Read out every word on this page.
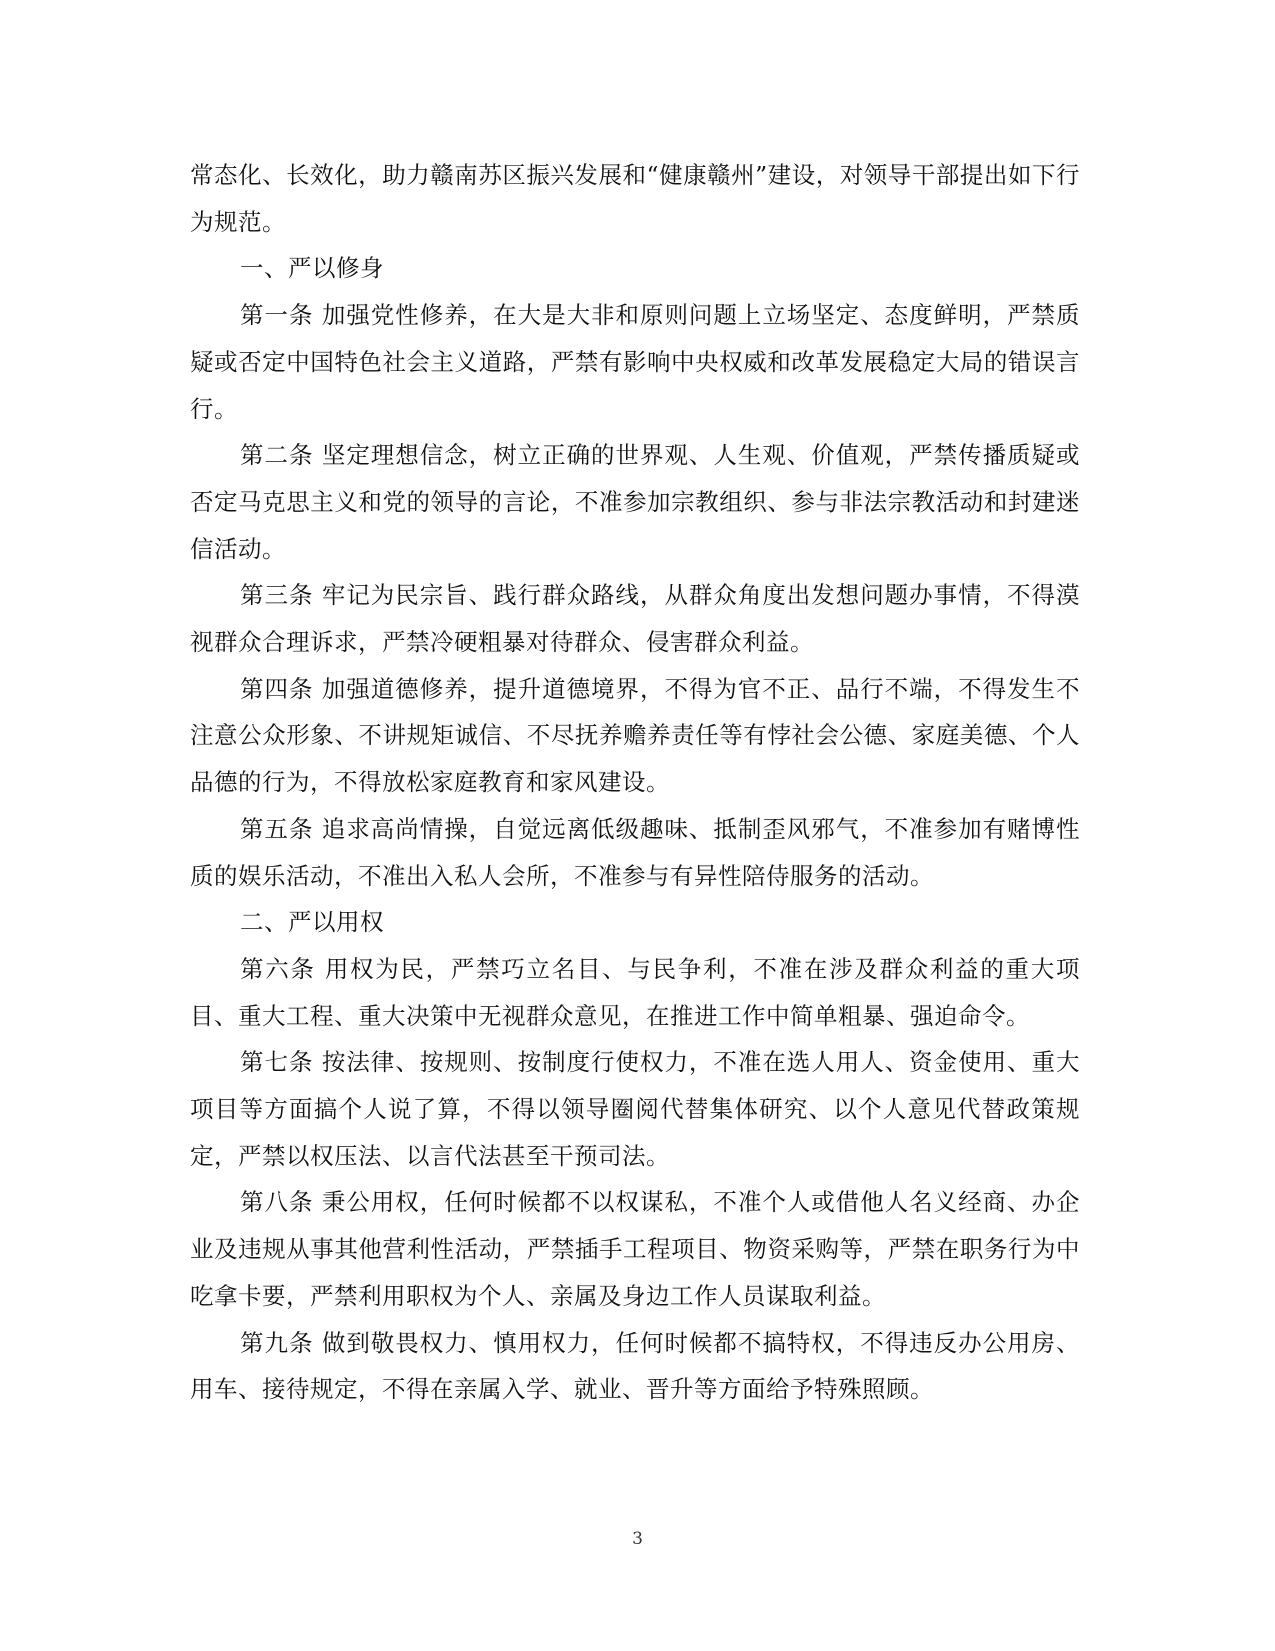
常态化、长效化，助力赣南苏区振兴发展和“健康赣州”建设，对领导干部提出如下行为规范。

一、严以修身

第一条 加强党性修养，在大是大非和原则问题上立场坚定、态度鲜明，严禁质疑或否定中国特色社会主义道路，严禁有影响中央权威和改革发展稳定大局的错误言行。

第二条 坚定理想信念，树立正确的世界观、人生观、价值观，严禁传播质疑或否定马克思主义和党的领导的言论，不准参加宗教组织、参与非法宗教活动和封建迷信活动。

第三条 牢记为民宗旨、践行群众路线，从群众角度出发想问题办事情，不得漠视群众合理诉求，严禁冷硬粗暴对待群众、侵害群众利益。

第四条 加强道德修养，提升道德境界，不得为官不正、品行不端，不得发生不注意公众形象、不讲规矩诚信、不尽抚养赡养责任等有悖社会公德、家庭美德、个人品德的行为，不得放松家庭教育和家风建设。

第五条 追求高尚情操，自觉远离低级趣味、抵制歪风邪气，不准参加有赌博性质的娱乐活动，不准出入私人会所，不准参与有异性陪侍服务的活动。

二、严以用权

第六条 用权为民，严禁巧立名目、与民争利，不准在涉及群众利益的重大项目、重大工程、重大决策中无视群众意见，在推进工作中简单粗暴、强迫命令。

第七条 按法律、按规则、按制度行使权力，不准在选人用人、资金使用、重大项目等方面搞个人说了算，不得以领导圈阅代替集体研究、以个人意见代替政策规定，严禁以权压法、以言代法甚至干预司法。

第八条 秉公用权，任何时候都不以权谋私，不准个人或借他人名义经商、办企业及违规从事其他营利性活动，严禁插手工程项目、物资采购等，严禁在职务行为中吃拿卡要，严禁利用职权为个人、亲属及身边工作人员谋取利益。

第九条 做到敬畏权力、慎用权力，任何时候都不搞特权，不得违反办公用房、用车、接待规定，不得在亲属入学、就业、晋升等方面给予特殊照顾。

3
